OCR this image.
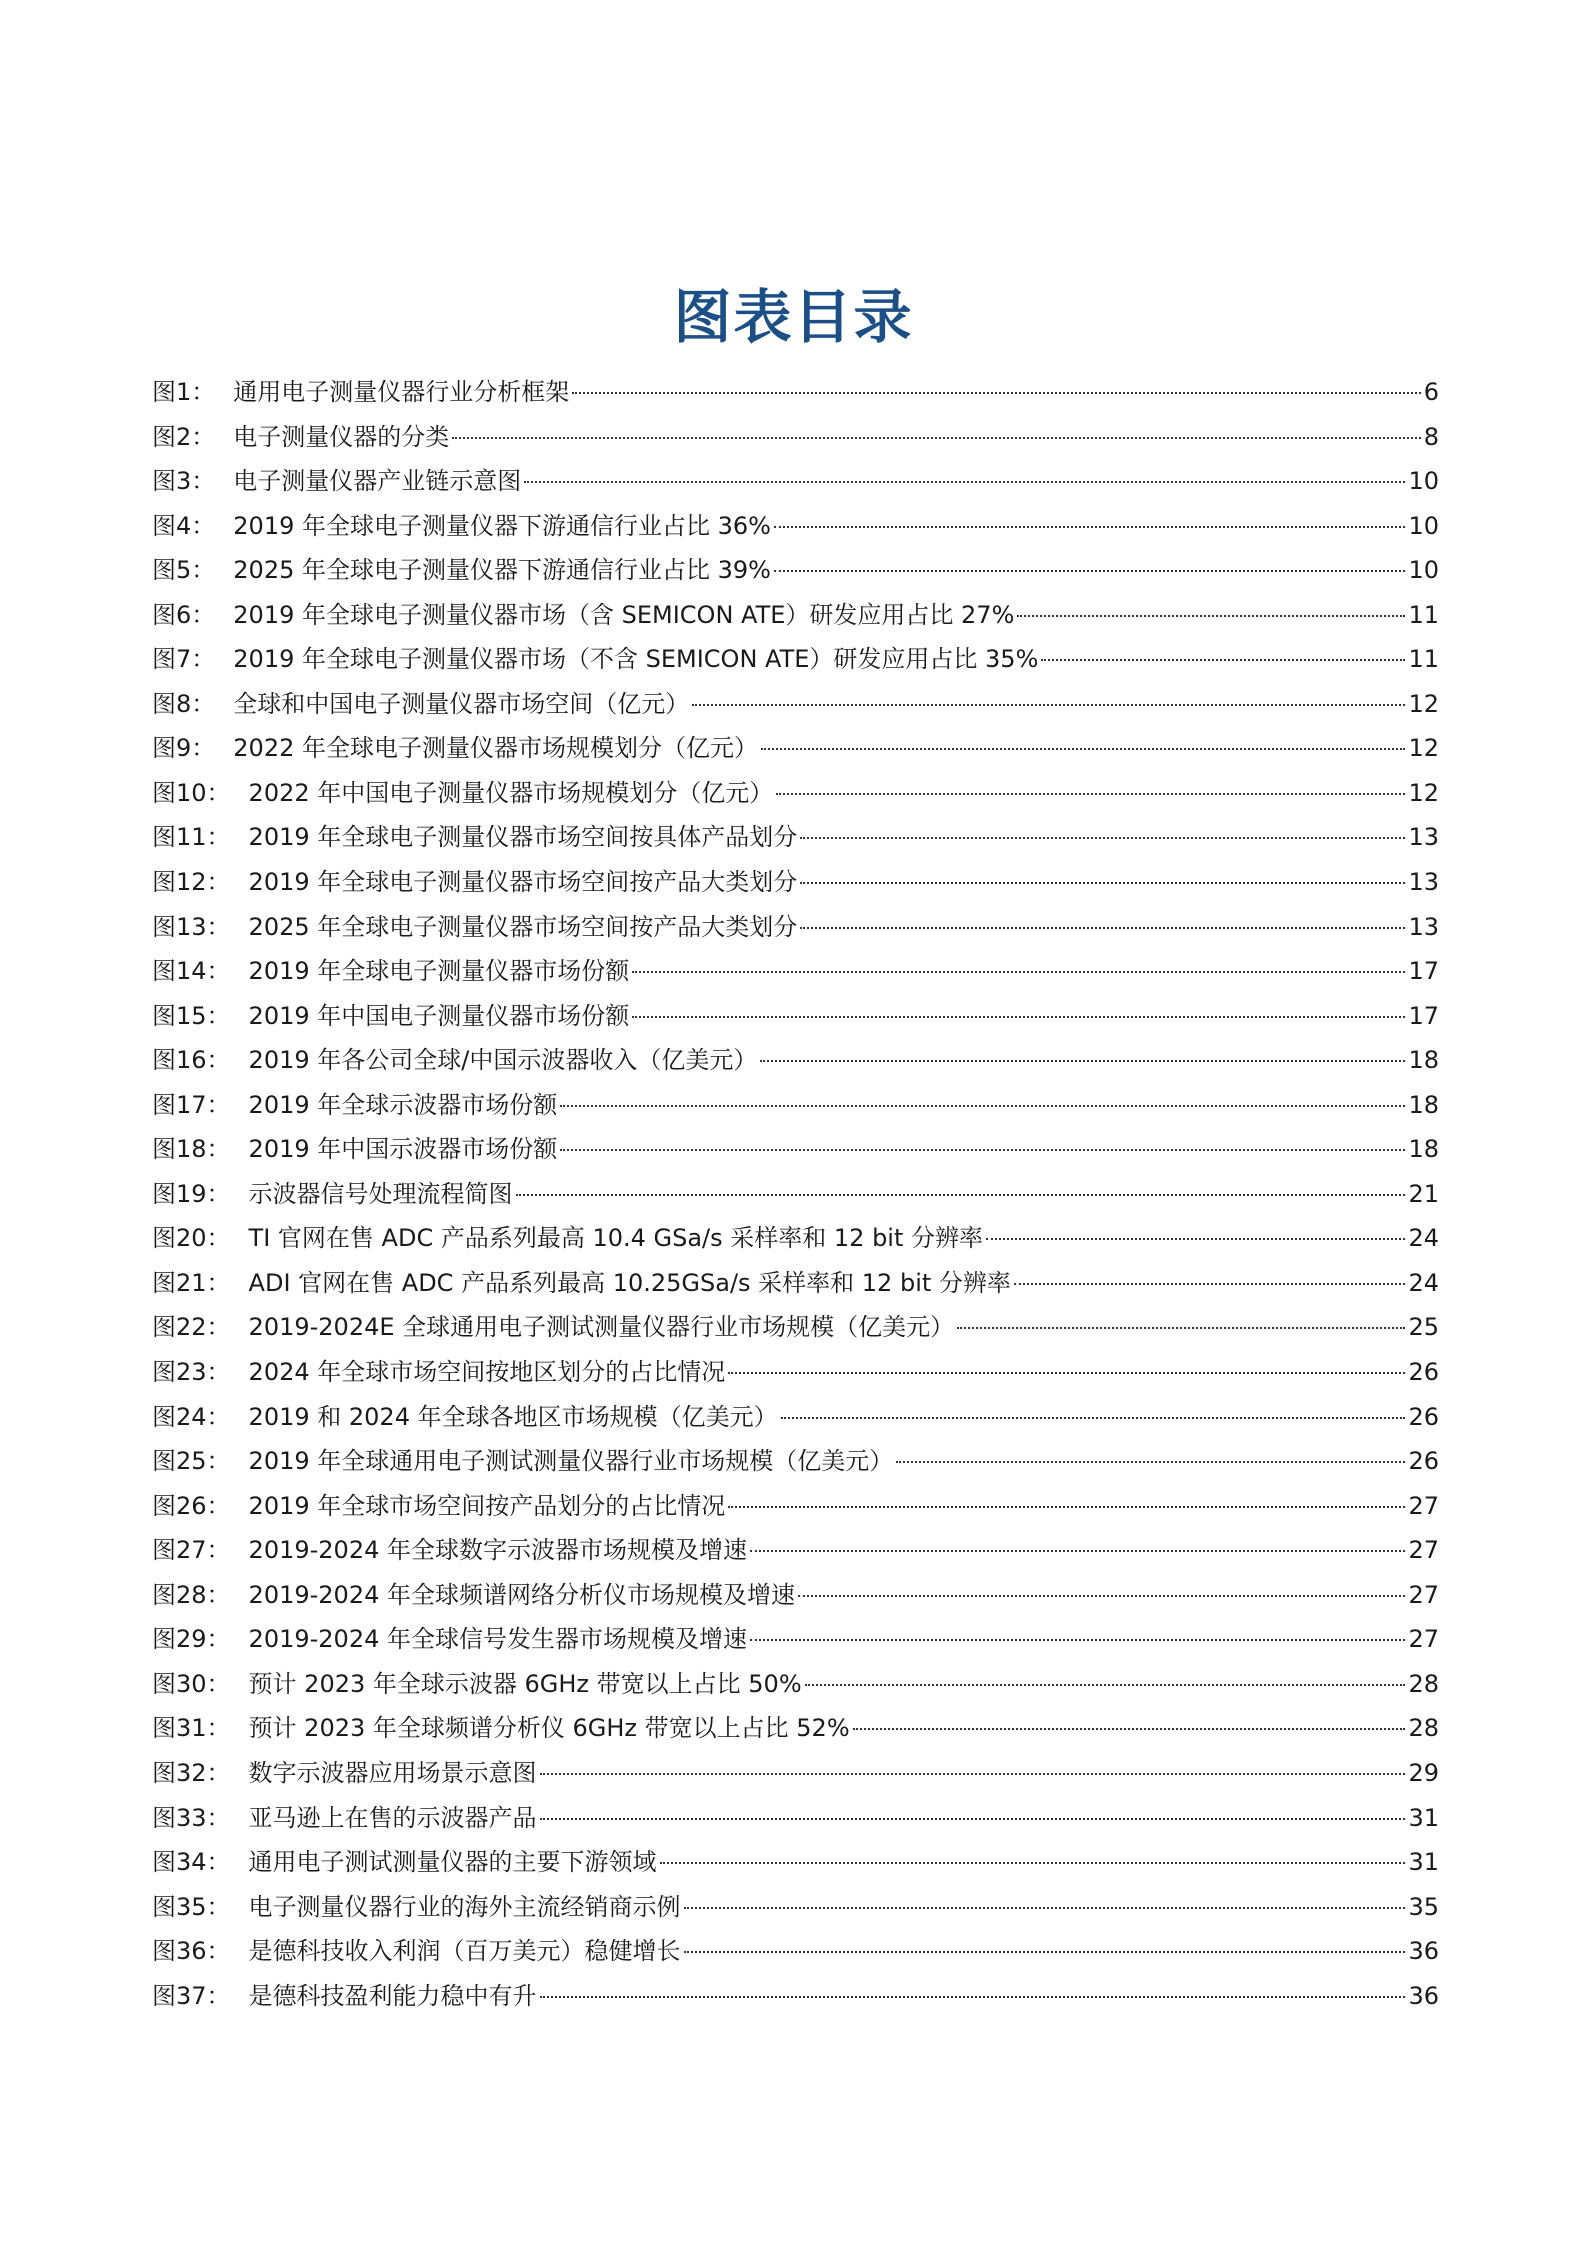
图表目录
图1： 通用电子测量仪器行业分析框架	6
图2： 电子测量仪器的分类	8
图3： 电子测量仪器产业链示意图	10
图4： 2019 年全球电子测量仪器下游通信行业占比 36%	10
图5： 2025 年全球电子测量仪器下游通信行业占比 39%	10
图6： 2019 年全球电子测量仪器市场（含 SEMICON ATE）研发应用占比 27%	11
图7： 2019 年全球电子测量仪器市场（不含 SEMICON ATE）研发应用占比 35%	11
图8： 全球和中国电子测量仪器市场空间（亿元）	12
图9： 2022 年全球电子测量仪器市场规模划分（亿元）	12
图10： 2022 年中国电子测量仪器市场规模划分（亿元）	12
图11： 2019 年全球电子测量仪器市场空间按具体产品划分	13
图12： 2019 年全球电子测量仪器市场空间按产品大类划分	13
图13： 2025 年全球电子测量仪器市场空间按产品大类划分	13
图14： 2019 年全球电子测量仪器市场份额	17
图15： 2019 年中国电子测量仪器市场份额	17
图16： 2019 年各公司全球/中国示波器收入（亿美元）	18
图17： 2019 年全球示波器市场份额	18
图18： 2019 年中国示波器市场份额	18
图19： 示波器信号处理流程简图	21
图20： TI 官网在售 ADC 产品系列最高 10.4 GSa/s 采样率和 12 bit 分辨率	24
图21： ADI 官网在售 ADC 产品系列最高 10.25GSa/s 采样率和 12 bit 分辨率	24
图22： 2019-2024E 全球通用电子测试测量仪器行业市场规模（亿美元）	25
图23： 2024 年全球市场空间按地区划分的占比情况	26
图24： 2019 和 2024 年全球各地区市场规模（亿美元）	26
图25： 2019 年全球通用电子测试测量仪器行业市场规模（亿美元）	26
图26： 2019 年全球市场空间按产品划分的占比情况	27
图27： 2019-2024 年全球数字示波器市场规模及增速	27
图28： 2019-2024 年全球频谱网络分析仪市场规模及增速	27
图29： 2019-2024 年全球信号发生器市场规模及增速	27
图30： 预计 2023 年全球示波器 6GHz 带宽以上占比 50%	28
图31： 预计 2023 年全球频谱分析仪 6GHz 带宽以上占比 52%	28
图32： 数字示波器应用场景示意图	29
图33： 亚马逊上在售的示波器产品	31
图34： 通用电子测试测量仪器的主要下游领域	31
图35： 电子测量仪器行业的海外主流经销商示例	35
图36： 是德科技收入利润（百万美元）稳健增长	36
图37： 是德科技盈利能力稳中有升	36
